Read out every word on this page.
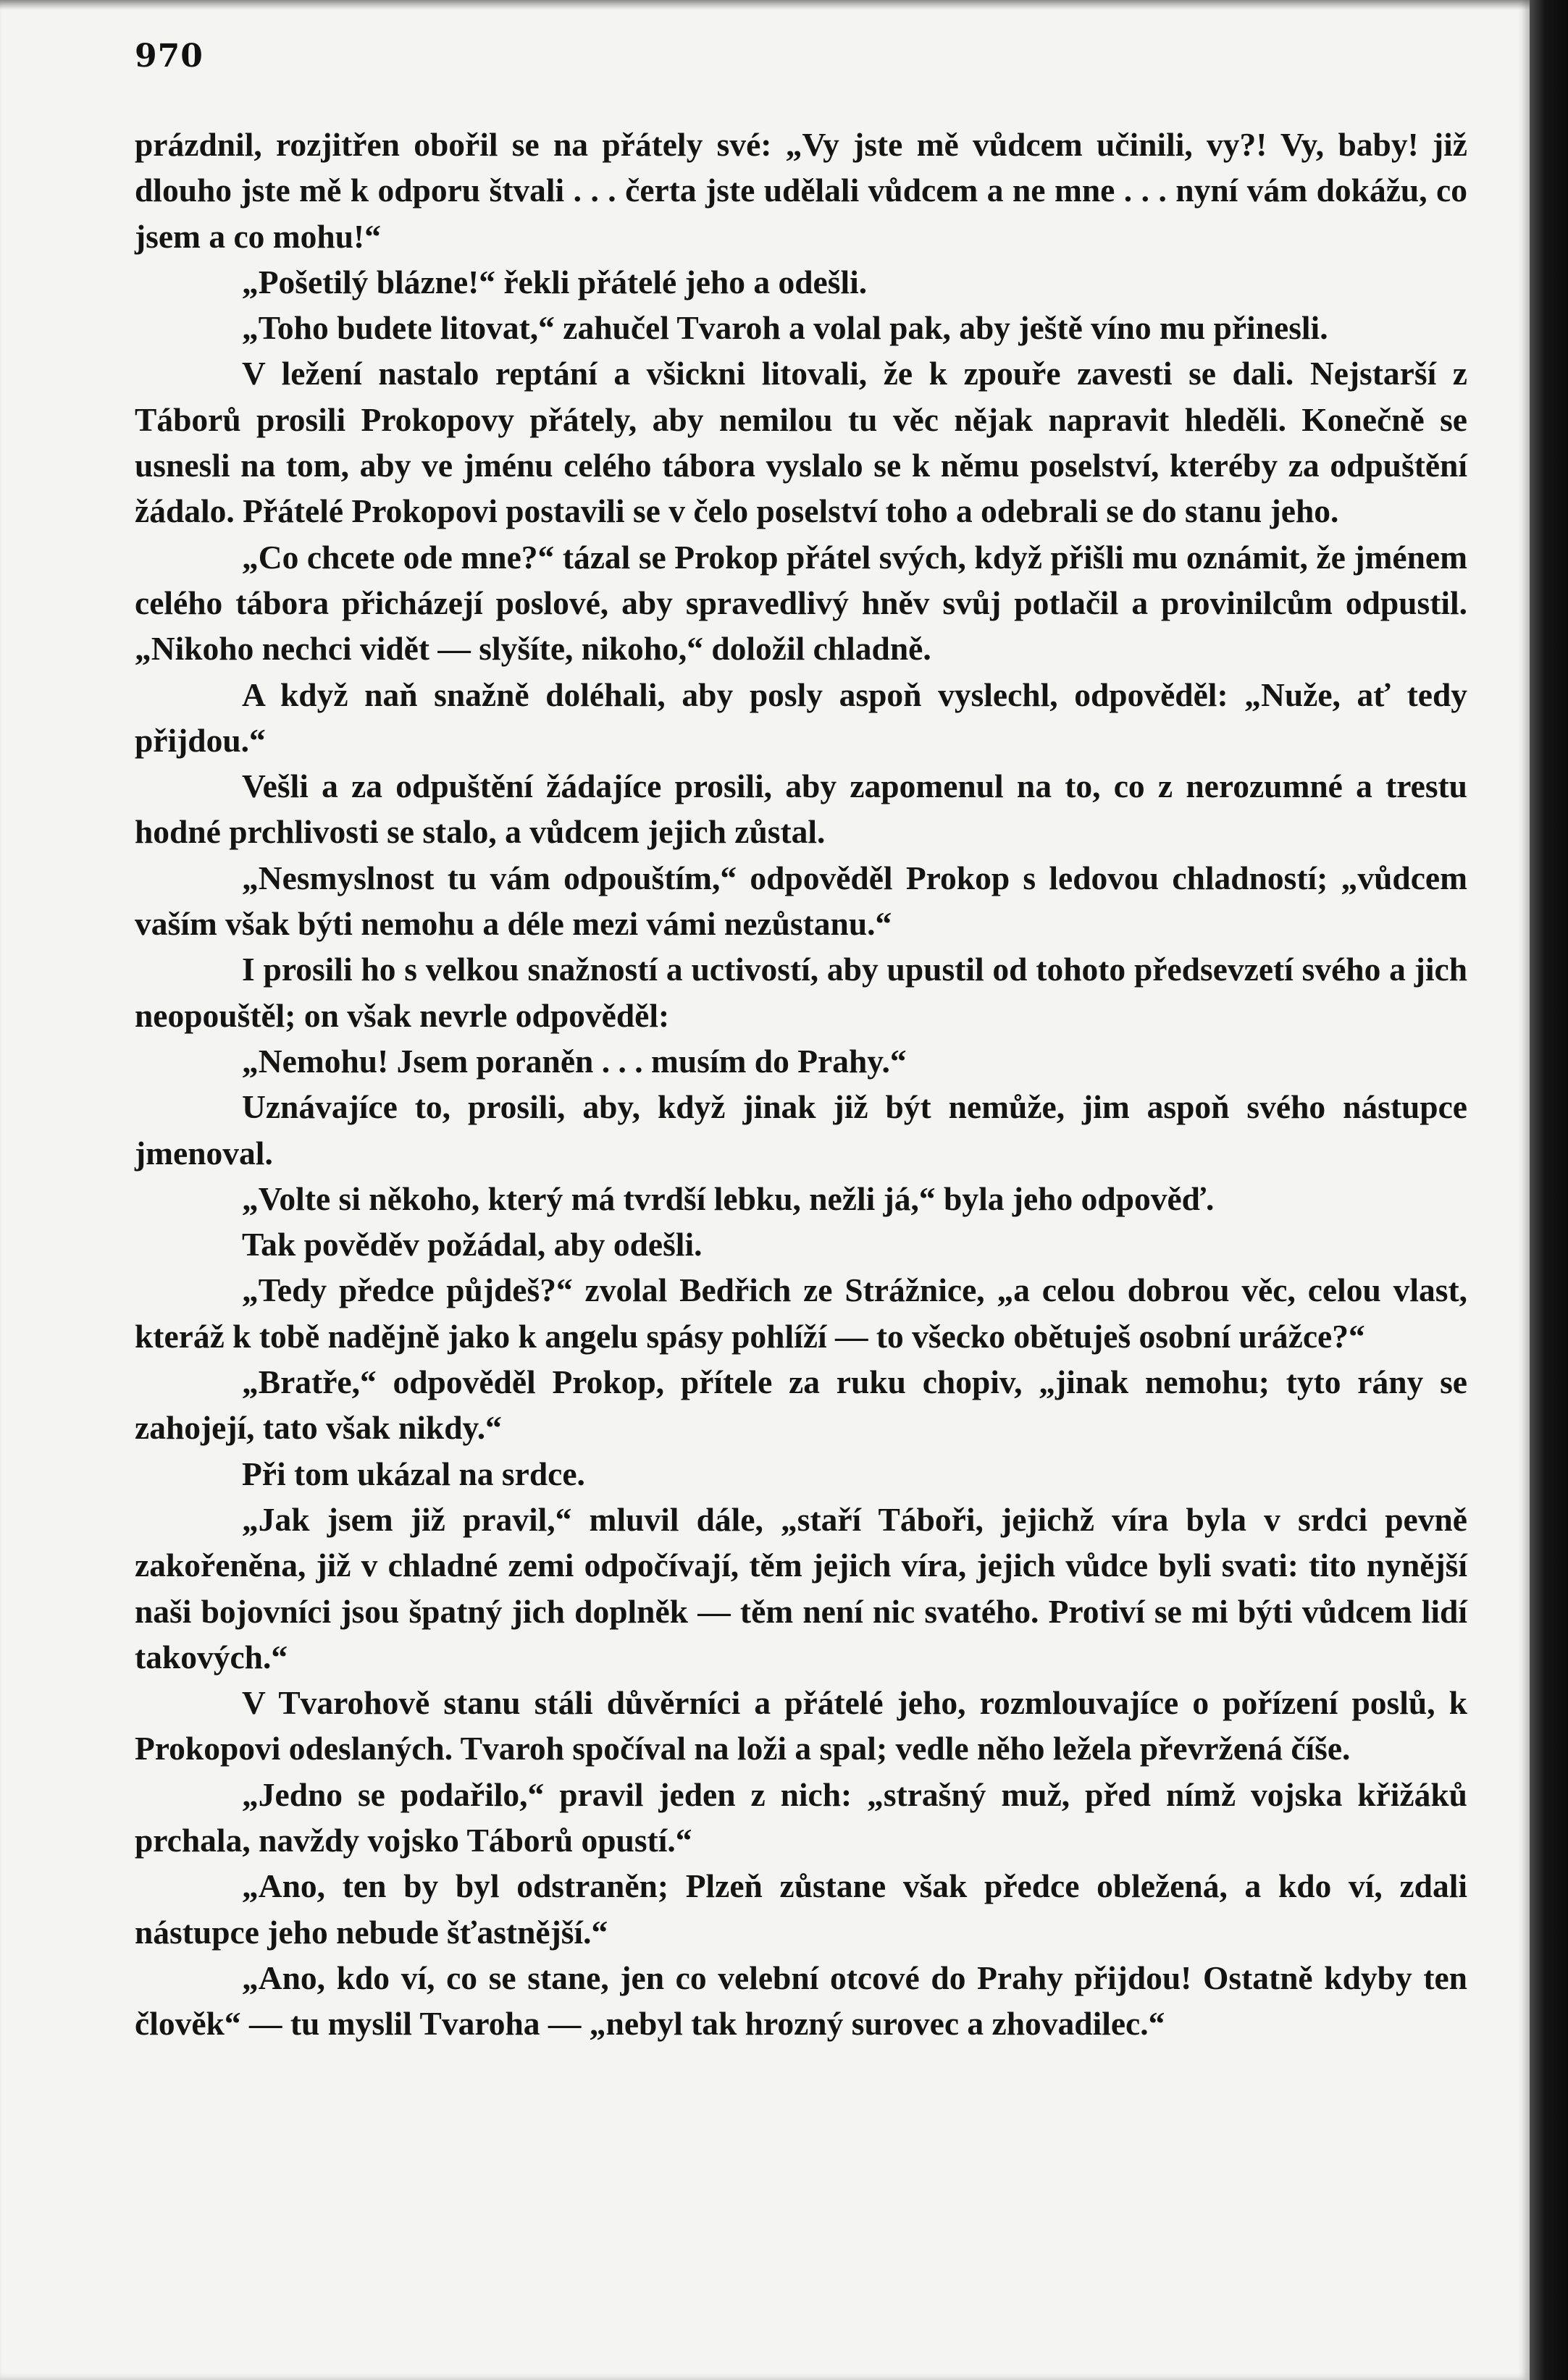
970

prázdnil, rozjitřen obořil se na přátely své: „Vy jste mě vůdcem učinili, vy?! Vy, baby! již dlouho jste mě k odporu štvali . . . čerta jste udělali vůdcem a ne mne . . . nyní vám dokážu, co jsem a co mohu!“

„Pošetilý blázne!“ řekli přátelé jeho a odešli.

„Toho budete litovat,“ zahučel Tvaroh a volal pak, aby ještě víno mu přinesli.

V ležení nastalo reptání a všickni litovali, že k zpouře zavesti se dali. Nejstarší z Táborů prosili Prokopovy přátely, aby nemilou tu věc nějak napravit hleděli. Konečně se usnesli na tom, aby ve jménu celého tábora vyslalo se k němu poselství, kteréby za odpuštění žádalo. Přátelé Prokopovi postavili se v čelo poselství toho a odebrali se do stanu jeho.

„Co chcete ode mne?“ tázal se Prokop přátel svých, když přišli mu oznámit, že jménem celého tábora přicházejí poslové, aby spravedlivý hněv svůj potlačil a provinilcům odpustil. „Nikoho nechci vidět — slyšíte, nikoho,“ doložil chladně.

A když naň snažně doléhali, aby posly aspoň vyslechl, odpověděl: „Nuže, ať tedy přijdou.“

Vešli a za odpuštění žádajíce prosili, aby zapomenul na to, co z nerozumné a trestu hodné prchlivosti se stalo, a vůdcem jejich zůstal.

„Nesmyslnost tu vám odpouštím,“ odpověděl Prokop s ledovou chladností; „vůdcem vaším však býti nemohu a déle mezi vámi nezůstanu.“

I prosili ho s velkou snažností a uctivostí, aby upustil od tohoto předsevzetí svého a jich neopouštěl; on však nevrle odpověděl:

„Nemohu! Jsem poraněn . . . musím do Prahy.“

Uznávajíce to, prosili, aby, když jinak již být nemůže, jim aspoň svého nástupce jmenoval.

„Volte si někoho, který má tvrdší lebku, nežli já,“ byla jeho odpověď.

Tak pověděv požádal, aby odešli.

„Tedy předce půjdeš?“ zvolal Bedřich ze Strážnice, „a celou dobrou věc, celou vlast, kteráž k tobě nadějně jako k angelu spásy pohlíží — to všecko obětuješ osobní urážce?“

„Bratře,“ odpověděl Prokop, přítele za ruku chopiv, „jinak nemohu; tyto rány se zahojejí, tato však nikdy.“

Při tom ukázal na srdce.

„Jak jsem již pravil,“ mluvil dále, „staří Táboři, jejichž víra byla v srdci pevně zakořeněna, již v chladné zemi odpočívají, těm jejich víra, jejich vůdce byli svati: tito nynější naši bojovníci jsou špatný jich doplněk — těm není nic svatého. Protiví se mi býti vůdcem lidí takových.“

V Tvarohově stanu stáli důvěrníci a přátelé jeho, rozmlouvajíce o pořízení poslů, k Prokopovi odeslaných. Tvaroh spočíval na loži a spal; vedle něho ležela převržená číše.

„Jedno se podařilo,“ pravil jeden z nich: „strašný muž, před nímž vojska křižáků prchala, navždy vojsko Táborů opustí.“

„Ano, ten by byl odstraněn; Plzeň zůstane však předce obležená, a kdo ví, zdali nástupce jeho nebude šťastnější.“

„Ano, kdo ví, co se stane, jen co velební otcové do Prahy přijdou! Ostatně kdyby ten člověk“ — tu myslil Tvaroha — „nebyl tak hrozný surovec a zhovadilec.“
